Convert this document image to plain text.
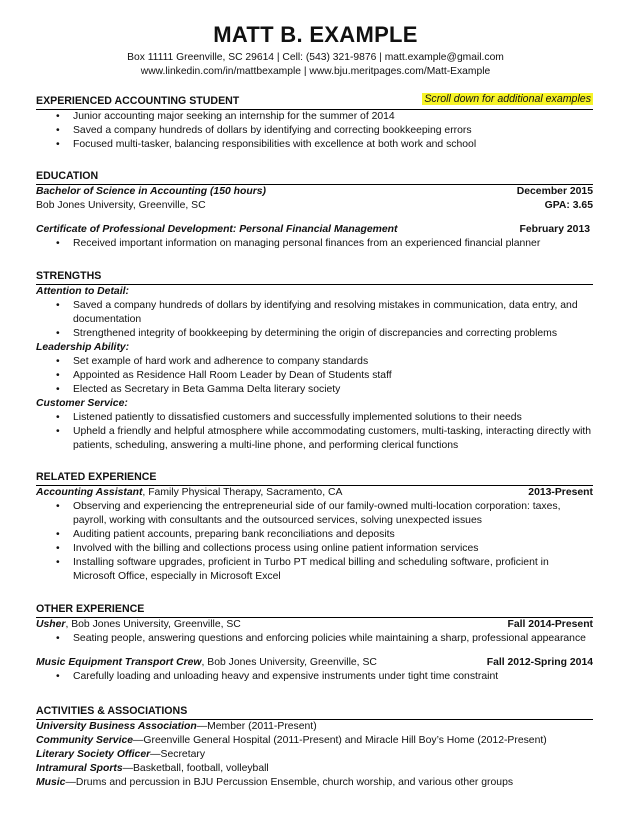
MATT B. EXAMPLE
Box 11111 Greenville, SC 29614 | Cell: (543) 321-9876 | matt.example@gmail.com
www.linkedin.com/in/mattbexample | www.bju.meritpages.com/Matt-Example
EXPERIENCED ACCOUNTING STUDENT	Scroll down for additional examples
• Junior accounting major seeking an internship for the summer of 2014
• Saved a company hundreds of dollars by identifying and correcting bookkeeping errors
• Focused multi-tasker, balancing responsibilities with excellence at both work and school
EDUCATION
Bachelor of Science in Accounting (150 hours)	December 2015
Bob Jones University, Greenville, SC	GPA: 3.65
Certificate of Professional Development: Personal Financial Management	February 2013
• Received important information on managing personal finances from an experienced financial planner
STRENGTHS
Attention to Detail:
• Saved a company hundreds of dollars by identifying and resolving mistakes in communication, data entry, and documentation
• Strengthened integrity of bookkeeping by determining the origin of discrepancies and correcting problems
Leadership Ability:
• Set example of hard work and adherence to company standards
• Appointed as Residence Hall Room Leader by Dean of Students staff
• Elected as Secretary in Beta Gamma Delta literary society
Customer Service:
• Listened patiently to dissatisfied customers and successfully implemented solutions to their needs
• Upheld a friendly and helpful atmosphere while accommodating customers, multi-tasking, interacting directly with patients, scheduling, answering a multi-line phone, and performing clerical functions
RELATED EXPERIENCE
Accounting Assistant, Family Physical Therapy, Sacramento, CA	2013-Present
• Observing and experiencing the entrepreneurial side of our family-owned multi-location corporation: taxes, payroll, working with consultants and the outsourced services, solving unexpected issues
• Auditing patient accounts, preparing bank reconciliations and deposits
• Involved with the billing and collections process using online patient information services
• Installing software upgrades, proficient in Turbo PT medical billing and scheduling software, proficient in Microsoft Office, especially in Microsoft Excel
OTHER EXPERIENCE
Usher, Bob Jones University, Greenville, SC	Fall 2014-Present
• Seating people, answering questions and enforcing policies while maintaining a sharp, professional appearance
Music Equipment Transport Crew, Bob Jones University, Greenville, SC	Fall 2012-Spring 2014
• Carefully loading and unloading heavy and expensive instruments under tight time constraint
ACTIVITIES & ASSOCIATIONS
University Business Association—Member (2011-Present)
Community Service—Greenville General Hospital (2011-Present) and Miracle Hill Boy’s Home (2012-Present)
Literary Society Officer—Secretary
Intramural Sports—Basketball, football, volleyball
Music—Drums and percussion in BJU Percussion Ensemble, church worship, and various other groups
